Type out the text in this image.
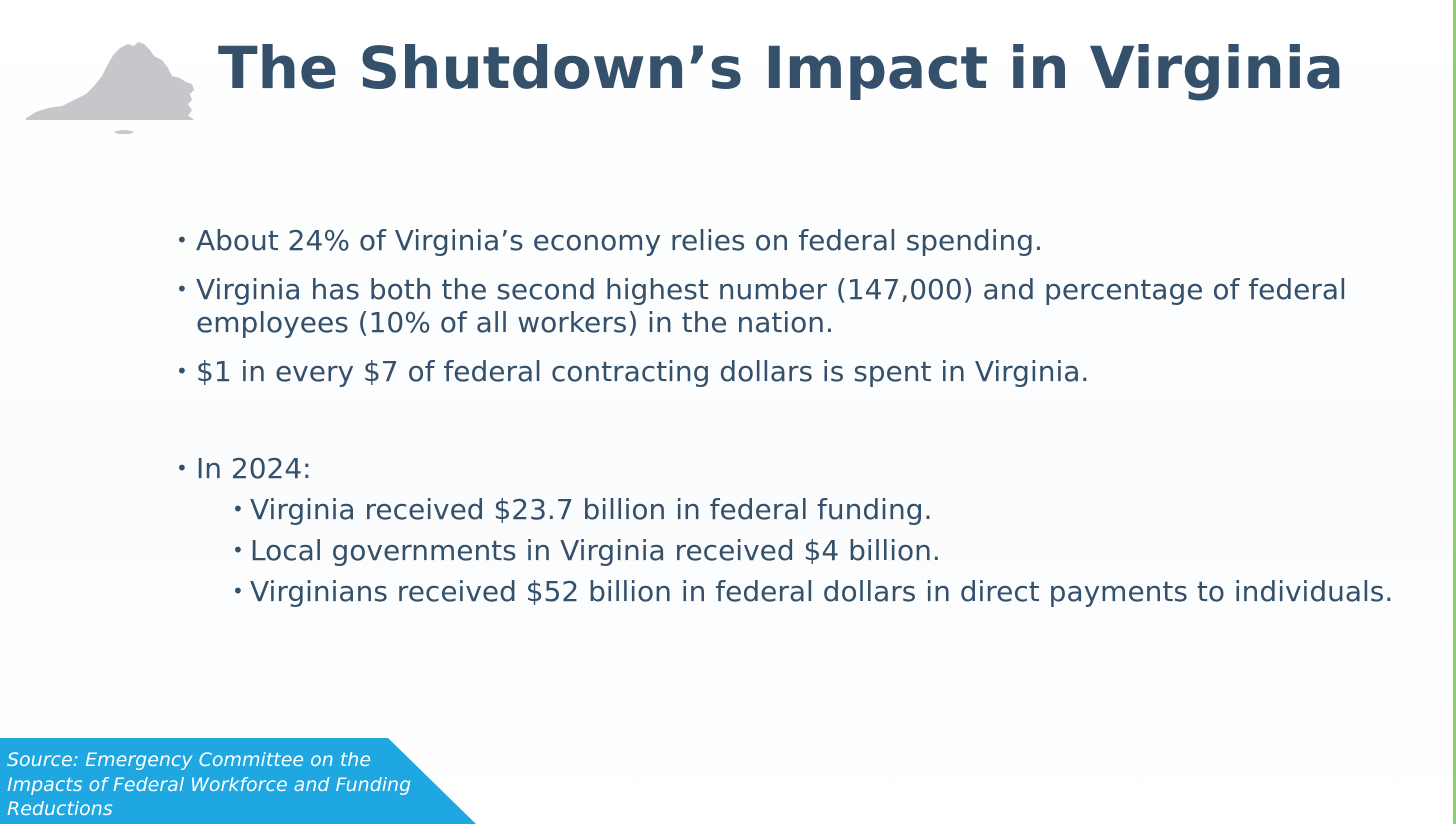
The Shutdown’s Impact in Virginia
• About 24% of Virginia’s economy relies on federal spending.
• Virginia has both the second highest number (147,000) and percentage of federal employees (10% of all workers) in the nation.
• $1 in every $7 of federal contracting dollars is spent in Virginia.
• In 2024:
• Virginia received $23.7 billion in federal funding.
• Local governments in Virginia received $4 billion.
• Virginians received $52 billion in federal dollars in direct payments to individuals.
Source: Emergency Committee on the Impacts of Federal Workforce and Funding Reductions
